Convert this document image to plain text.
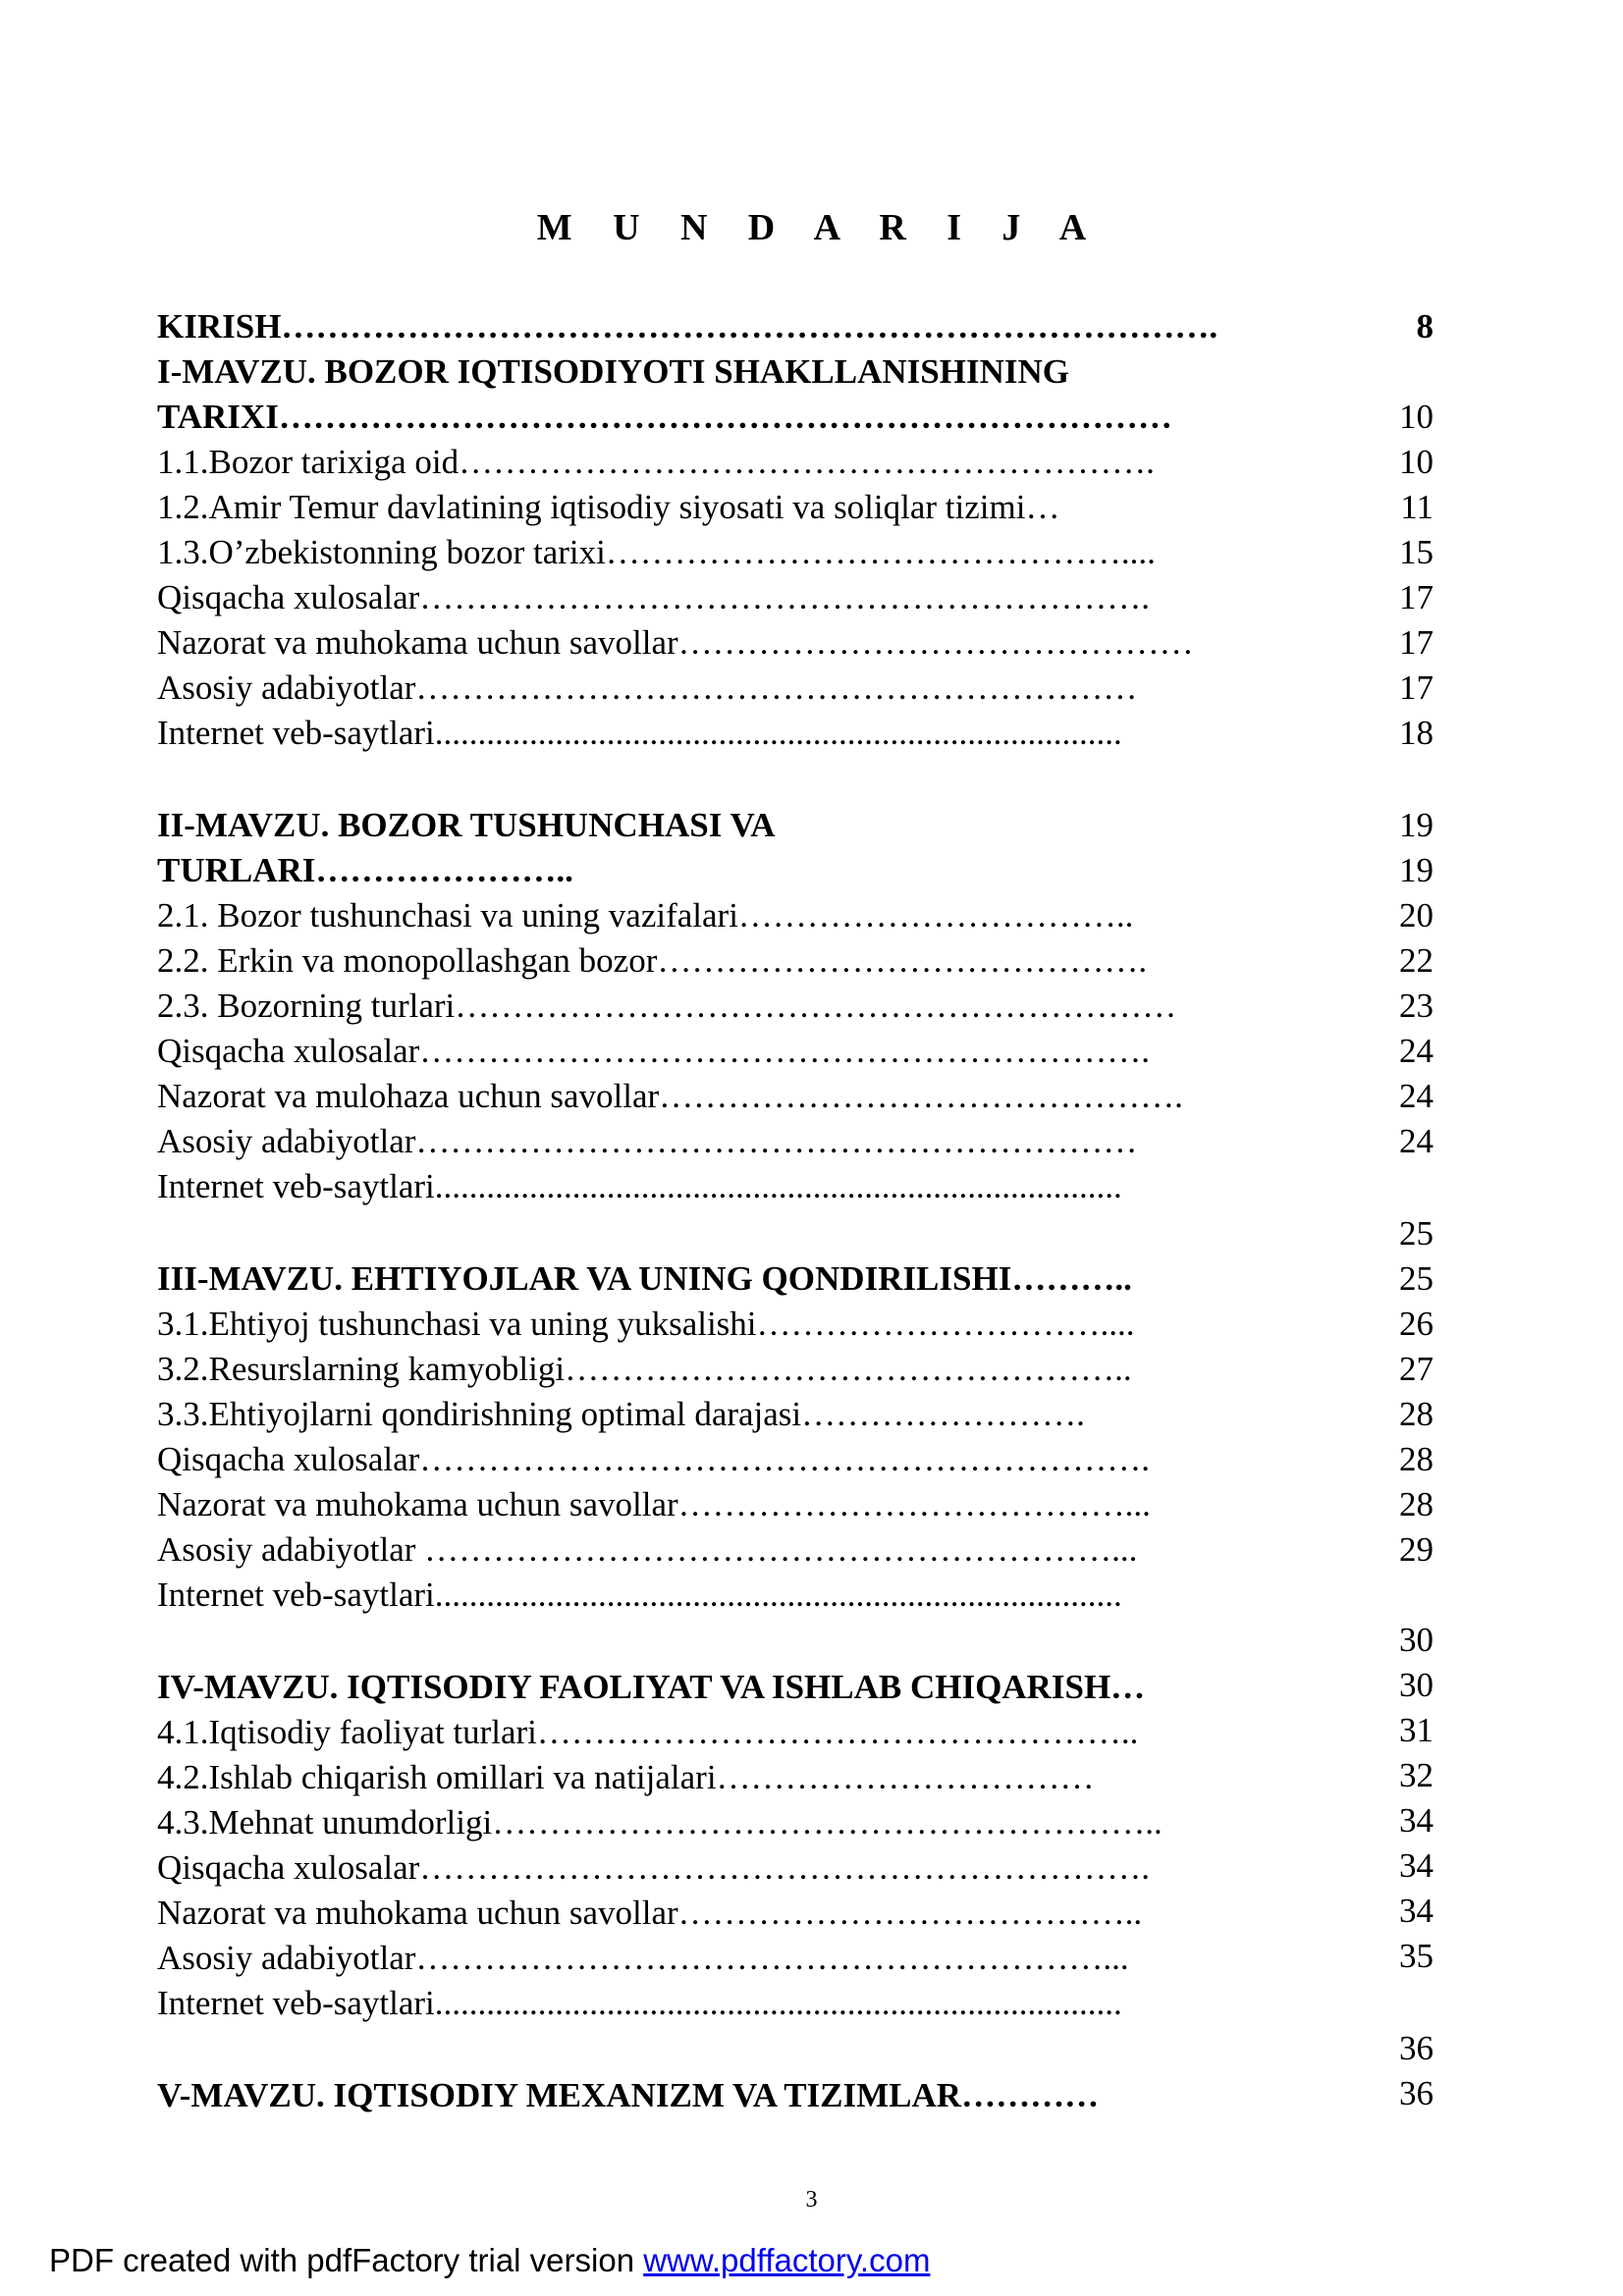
M U N D A R I J A
KIRISH……………………………………………………………………….
I-MAVZU. BOZOR IQTISODIYOTI SHAKLLANISHINING
TARIXI……………………………………………………………………
1.1.Bozor tarixiga oid…………………………………………………….
1.2.Amir Temur davlatining iqtisodiy siyosati va soliqlar tizimi…
1.3.O’zbekistonning bozor tarixi………………………………………....
Qisqacha xulosalar……………………………………………………….
Nazorat va muhokama uchun savollar………………………………………
Asosiy adabiyotlar………………………………………………………
Internet veb-saytlari................................................................................
II-MAVZU. BOZOR TUSHUNCHASI VA
TURLARI…………………..
2.1. Bozor tushunchasi va uning vazifalari……………………………..
2.2. Erkin va monopollashgan bozor…………………………………….
2.3. Bozorning turlari………………………………………………………
Qisqacha xulosalar……………………………………………………….
Nazorat va mulohaza uchun savollar……………………………………….
Asosiy adabiyotlar………………………………………………………
Internet veb-saytlari................................................................................
III-MAVZU. EHTIYOJLAR VA UNING QONDIRILISHI………..
3.1.Ehtiyoj tushunchasi va uning yuksalishi…………………………....
3.2.Resurslarning kamyobligi…………………………………………..
3.3.Ehtiyojlarni qondirishning optimal darajasi…………………….
Qisqacha xulosalar……………………………………………………….
Nazorat va muhokama uchun savollar…………………………………...
Asosiy adabiyotlar ……………………………………………………...
Internet veb-saytlari................................................................................
IV-MAVZU. IQTISODIY FAOLIYAT VA ISHLAB CHIQARISH…
4.1.Iqtisodiy faoliyat turlari……………………………………………..
4.2.Ishlab chiqarish omillari va natijalari……………………………
4.3.Mehnat unumdorligi…………………………………………………..
Qisqacha xulosalar……………………………………………………….
Nazorat va muhokama uchun savollar…………………………………..
Asosiy adabiyotlar……………………………………………………...
Internet veb-saytlari................................................................................
V-MAVZU. IQTISODIY MEXANIZM VA TIZIMLAR…………
8
10
10
11
15
17
17
17
18
19
19
20
22
23
24
24
24
25
25
26
27
28
28
28
29
30
30
31
32
34
34
34
35
36
36
3
PDF created with pdfFactory trial version www.pdffactory.com
